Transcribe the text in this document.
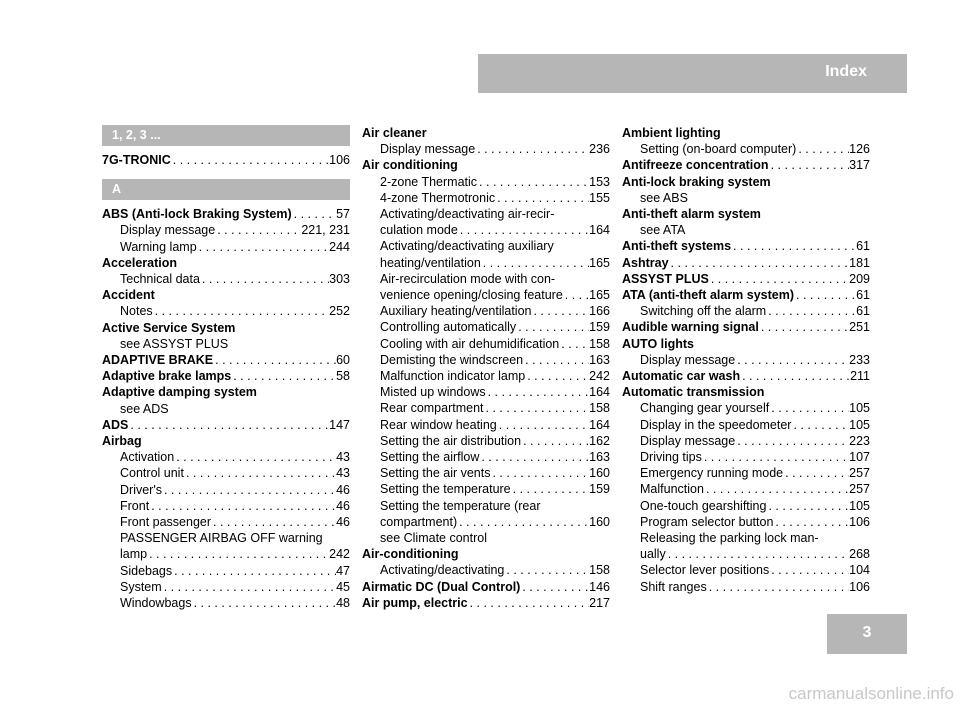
Index
1, 2, 3 ...
7G-TRONIC . . .	106
A
ABS (Anti-lock Braking System) . . .	57
Display message . . .	221, 231
Warning lamp . . .	244
Acceleration
Technical data . . .	303
Accident
Notes . . .	252
Active Service System
see ASSYST PLUS
ADAPTIVE BRAKE . . .	60
Adaptive brake lamps . . .	58
Adaptive damping system
see ADS
ADS . . .	147
Airbag
Activation . . .	43
Control unit . . .	43
Driver's . . .	46
Front . . .	46
Front passenger . . .	46
PASSENGER AIRBAG OFF warning
lamp . . .	242
Sidebags . . .	47
System . . .	45
Windowbags . . .	48
Air cleaner
Display message . . .	236
Air conditioning
2-zone Thermatic . . .	153
4-zone Thermotronic . . .	155
Activating/deactivating air-recir-
culation mode . . .	164
Activating/deactivating auxiliary
heating/ventilation . . .	165
Air-recirculation mode with con-
venience opening/closing feature . . . 165
Auxiliary heating/ventilation . . .	166
Controlling automatically . . .	159
Cooling with air dehumidification . . . 158
Demisting the windscreen . . .	163
Malfunction indicator lamp . . .	242
Misted up windows . . .	164
Rear compartment . . .	158
Rear window heating . . .	164
Setting the air distribution . . .	162
Setting the airflow . . .	163
Setting the air vents . . .	160
Setting the temperature . . .	159
Setting the temperature (rear
compartment) . . .	160
see Climate control
Air-conditioning
Activating/deactivating . . .	158
Airmatic DC (Dual Control) . . .	146
Air pump, electric . . .	217
Ambient lighting
Setting (on-board computer) . . .	126
Antifreeze concentration . . .	317
Anti-lock braking system
see ABS
Anti-theft alarm system
see ATA
Anti-theft systems . . .	61
Ashtray . . .	181
ASSYST PLUS . . .	209
ATA (anti-theft alarm system) . . .	61
Switching off the alarm . . .	61
Audible warning signal . . .	251
AUTO lights
Display message . . .	233
Automatic car wash . . .	211
Automatic transmission
Changing gear yourself . . .	105
Display in the speedometer . . .	105
Display message . . .	223
Driving tips . . .	107
Emergency running mode . . .	257
Malfunction . . .	257
One-touch gearshifting . . .	105
Program selector button . . .	106
Releasing the parking lock man-
ually . . .	268
Selector lever positions . . .	104
Shift ranges . . .	106
3
carmanualsonline.info
